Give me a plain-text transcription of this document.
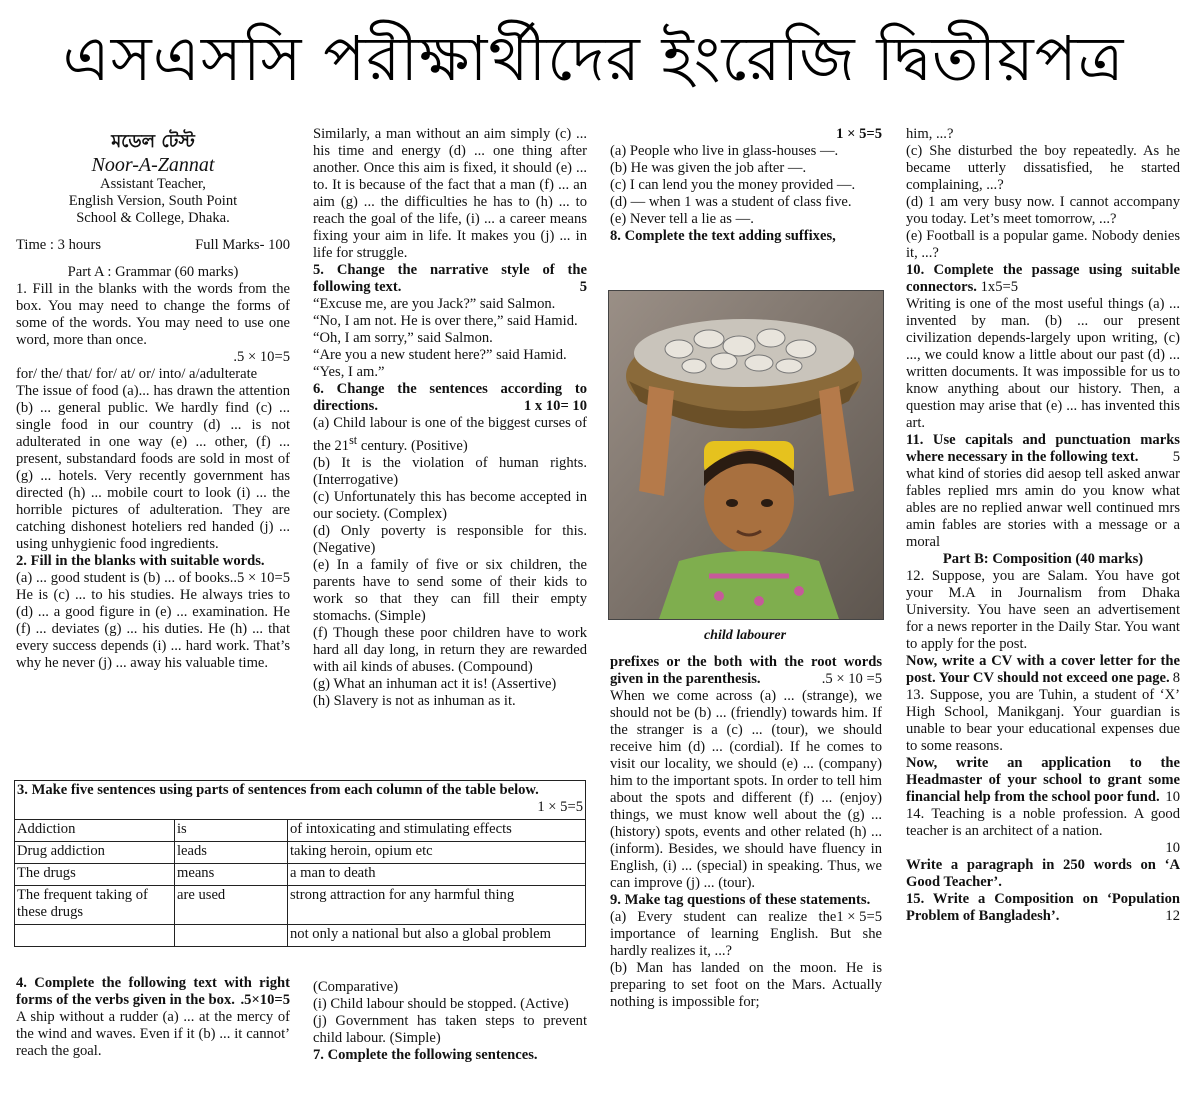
এসএসসি পরীক্ষার্থীদের ইংরেজি দ্বিতীয়পত্র

মডেল টেস্ট

Noor-A-Zannat

Assistant Teacher,

English Version, South Point

School & College, Dhaka.

Time : 3 hours	Full Marks- 100

Part A : Grammar (60 marks)

1. Fill in the blanks with the words from the box. You may need to change the forms of some of the words. You may need to use one word, more than once.

.5 × 10=5

for/ the/ that/ for/ at/ or/ into/ a/adulterate

The issue of food (a)... has drawn the attention (b) ... general public. We hardly find (c) ... single food in our country (d) ... is not adulterated in one way (e) ... other, (f) ... present, substandard foods are sold in most of (g) ... hotels. Very recently government has directed (h) ... mobile court to look (i) ... the horrible pictures of adulteration. They are catching dishonest hoteliers red handed (j) ... using unhygienic food ingredients.

2. Fill in the blanks with suitable words.
.5 × 10=5

(a) ... good student is (b) ... of books. He is (c) ... to his studies. He always tries to (d) ... a good figure in (e) ... examination. He (f) ... deviates (g) ... his duties. He (h) ... that every success depends (i) ... hard work. That’s why he never (j) ... away his valuable time.

3. Make five sentences using parts of sentences from each column of the table below.
1 × 5=5		

Addiction	is	of intoxicating and stimulating effects
Drug addiction	leads	taking heroin, opium etc
The drugs	means	a man to death
The frequent taking of these drugs	are used	strong attraction for any harmful thing
		not only a national but also a global problem

4. Complete the following text with right forms of the verbs given in the box. .5×10=5

A ship without a rudder (a) ... at the mercy of the wind and waves. Even if it (b) ... it cannot’ reach the goal.

Similarly, a man without an aim simply (c) ... his time and energy (d) ... one thing after another. Once this aim is fixed, it should (e) ... to. It is because of the fact that a man (f) ... an aim (g) ... the difficulties he has to (h) ... to reach the goal of the life, (i) ... a career means fixing your aim in life. It makes you (j) ... in life for struggle.

5. Change the narrative style of the following text.	5

“Excuse me, are you Jack?” said Salmon.

“No, I am not. He is over there,” said Hamid. “Oh, I am sorry,” said Salmon.

“Are you a new student here?” said Hamid. “Yes, I am.”

6. Change the sentences according to directions.	1 x 10= 10

(a) Child labour is one of the biggest curses of the 21st century. (Positive)

(b) It is the violation of human rights. (Interrogative)

(c) Unfortunately this has become accepted in our society. (Complex)

(d) Only poverty is responsible for this. (Negative)

(e) In a family of five or six children, the parents have to send some of their kids to work so that they can fill their empty stomachs. (Simple)

(f) Though these poor children have to work hard all day long, in return they are rewarded with ail kinds of abuses. (Compound)

(g) What an inhuman act it is! (Assertive)

(h) Slavery is not as inhuman as it.

(Comparative)

(i) Child labour should be stopped. (Active)

(j) Government has taken steps to prevent child labour. (Simple)

7. Complete the following sentences.

1 × 5=5

(a) People who live in glass-houses —.

(b) He was given the job after —.

(c) I can lend you the money provided —.

(d) — when 1 was a student of class five.

(e) Never tell a lie as —.

8. Complete the text adding suffixes,

child labourer

prefixes or the both with the root words given in the parenthesis.	.5 × 10 =5

When we come across (a) ... (strange), we should not be (b) ... (friendly) towards him. If the stranger is a (c) ... (tour), we should receive him (d) ... (cordial). If he comes to visit our locality, we should (e) ... (company) him to the important spots. In order to tell him about the spots and different (f) ... (enjoy) things, we must know well about the (g) ... (history) spots, events and other related (h) ... (inform). Besides, we should have fluency in English, (i) ... (special) in speaking. Thus, we can improve (j) ... (tour).

9. Make tag questions of these statements.
1 × 5=5

(a) Every student can realize the importance of learning English. But she hardly realizes it, ...?

(b) Man has landed on the moon. He is preparing to set foot on the Mars. Actually nothing is impossible for;

him, ...?

(c) She disturbed the boy repeatedly. As he became utterly dissatisfied, he started complaining, ...?

(d) 1 am very busy now. I cannot accompany you today. Let’s meet tomorrow, ...?

(e) Football is a popular game. Nobody denies it, ...?

10. Complete the passage using suitable connectors. 1x5=5

Writing is one of the most useful things (a) ... invented by man. (b) ... our present civilization depends-largely upon writing, (c) ..., we could know a little about our past (d) ... written documents. It was impossible for us to know anything about our history. Then, a question may arise that (e) ... has invented this art.

11. Use capitals and punctuation marks where necessary in the following text. 5

what kind of stories did aesop tell asked anwar fables replied mrs amin do you know what ables are no replied anwar well continued mrs amin fables are stories with a message or a moral

Part B: Composition (40 marks)

12. Suppose, you are Salam. You have got your M.A in Journalism from Dhaka University. You have seen an advertisement for a news reporter in the Daily Star. You want to apply for the post.

Now, write a CV with a cover letter for the post. Your CV should not exceed one page. 8

13. Suppose, you are Tuhin, a student of ‘X’ High School, Manikganj. Your guardian is unable to bear your educational expenses due to some reasons.

Now, write an application to the Headmaster of your school to grant some financial help from the school poor fund. 10

14. Teaching is a noble profession. A good teacher is an architect of a nation.

10

Write a paragraph in 250 words on ‘A Good Teacher’.

15. Write a Composition on ‘Population Problem of Bangladesh’.	12
